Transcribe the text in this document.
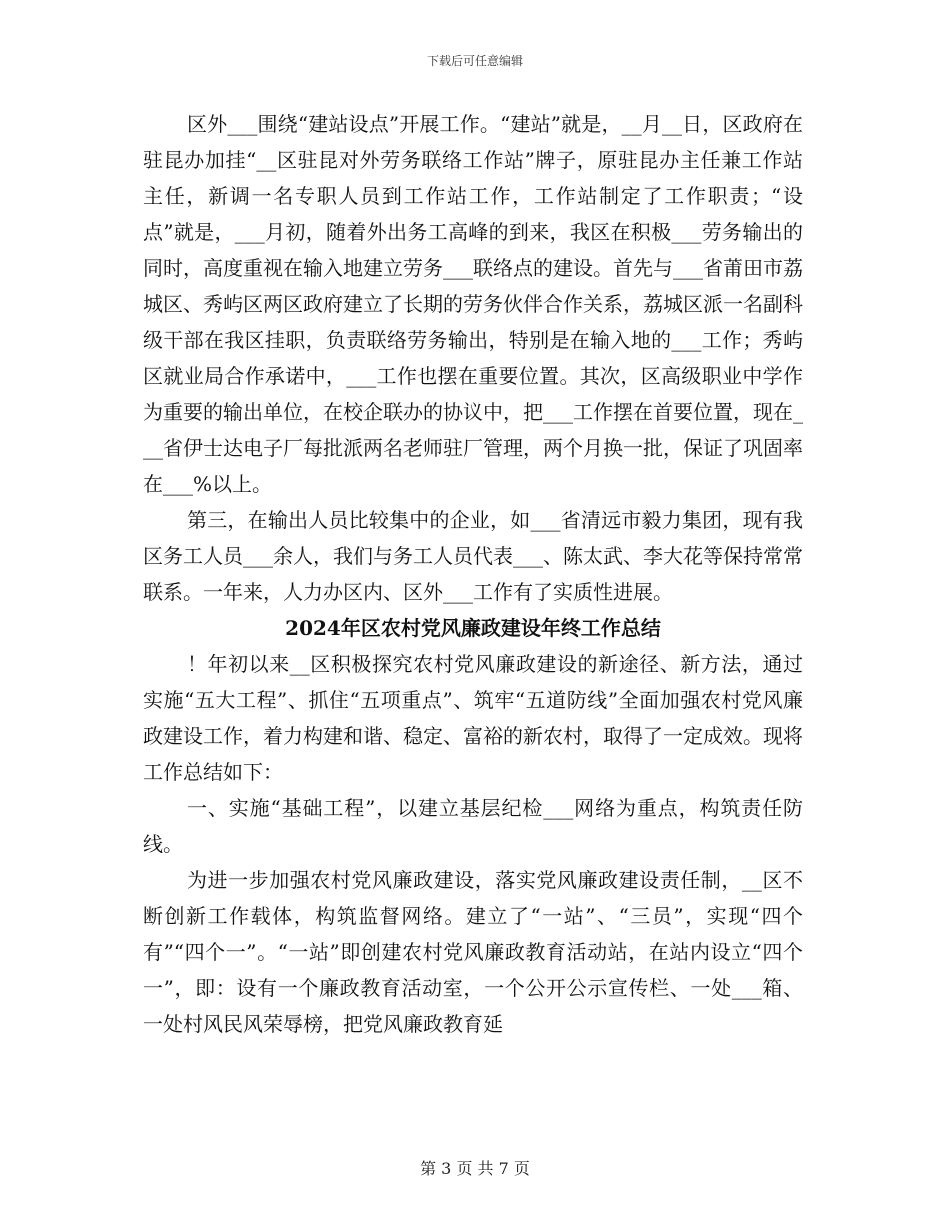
下载后可任意编辑

区外___围绕“建站设点”开展工作。“建站”就是，__月__日，区政府在驻昆办加挂“__区驻昆对外劳务联络工作站”牌子，原驻昆办主任兼工作站主任，新调一名专职人员到工作站工作，工作站制定了工作职责；“设点”就是，___月初，随着外出务工高峰的到来，我区在积极___劳务输出的同时，高度重视在输入地建立劳务___联络点的建设。首先与___省莆田市荔城区、秀屿区两区政府建立了长期的劳务伙伴合作关系，荔城区派一名副科级干部在我区挂职，负责联络劳务输出，特别是在输入地的___工作；秀屿区就业局合作承诺中，___工作也摆在重要位置。其次，区高级职业中学作为重要的输出单位，在校企联办的协议中，把___工作摆在首要位置，现在___省伊士达电子厂每批派两名老师驻厂管理，两个月换一批，保证了巩固率在___%以上。

第三，在输出人员比较集中的企业，如___省清远市毅力集团，现有我区务工人员___余人，我们与务工人员代表___、陈太武、李大花等保持常常联系。一年来，人力办区内、区外___工作有了实质性进展。

2024年区农村党风廉政建设年终工作总结

！年初以来__区积极探究农村党风廉政建设的新途径、新方法，通过实施“五大工程”、抓住“五项重点”、筑牢“五道防线”全面加强农村党风廉政建设工作，着力构建和谐、稳定、富裕的新农村，取得了一定成效。现将工作总结如下：

一、实施“基础工程”，以建立基层纪检___网络为重点，构筑责任防线。

为进一步加强农村党风廉政建设，落实党风廉政建设责任制，__区不断创新工作载体，构筑监督网络。建立了“一站”、“三员”，实现“四个有”“四个一”。“一站”即创建农村党风廉政教育活动站，在站内设立“四个一”，即：设有一个廉政教育活动室，一个公开公示宣传栏、一处___箱、一处村风民风荣辱榜，把党风廉政教育延

第 3 页 共 7 页
